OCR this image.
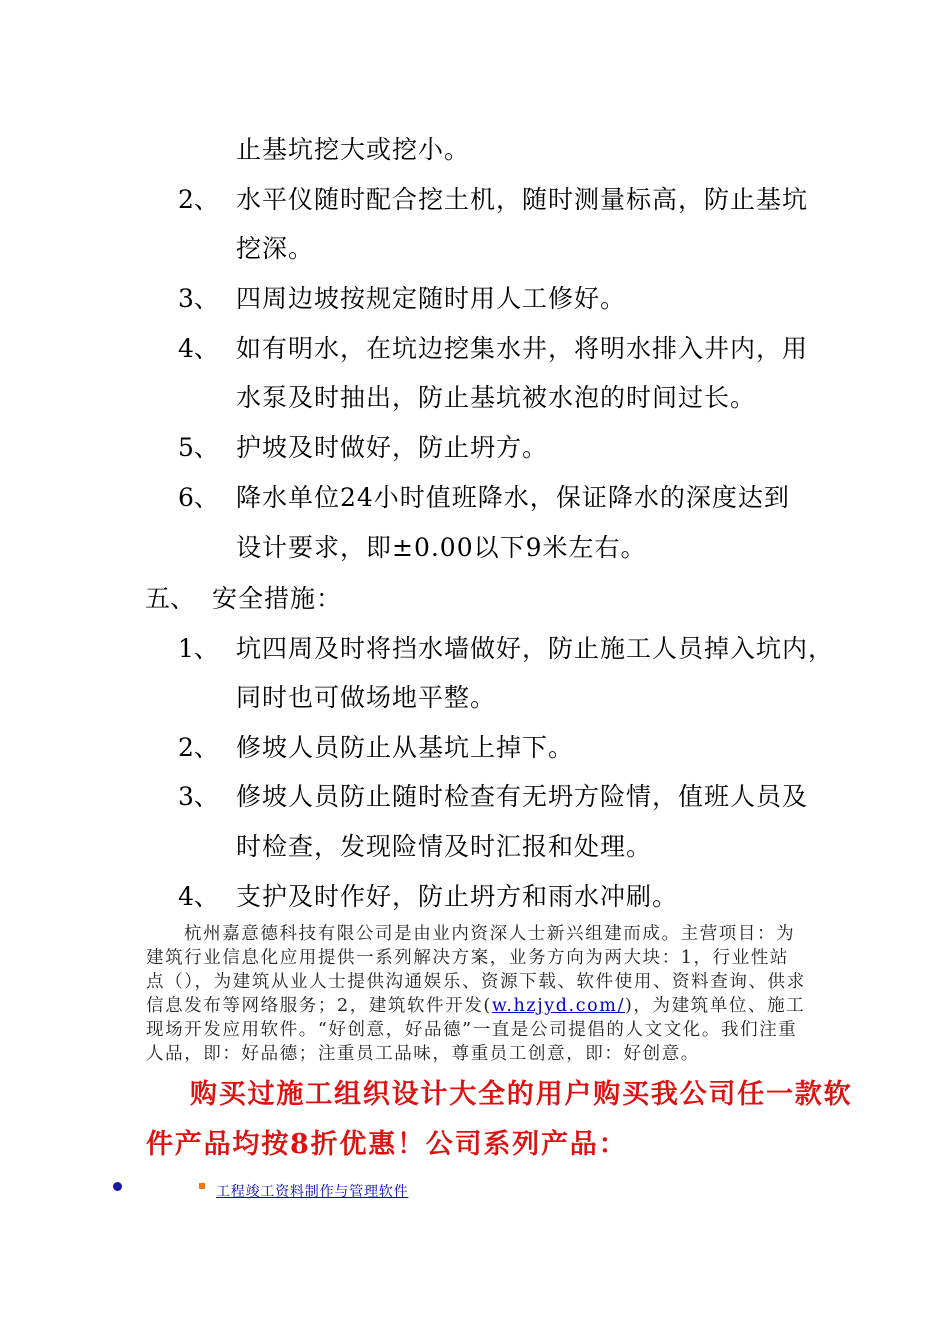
止基坑挖大或挖小。
2、 水平仪随时配合挖土机，随时测量标高，防止基坑
挖深。
3、 四周边坡按规定随时用人工修好。
4、 如有明水，在坑边挖集水井，将明水排入井内，用
水泵及时抽出，防止基坑被水泡的时间过长。
5、 护坡及时做好，防止坍方。
6、 降水单位24小时值班降水，保证降水的深度达到
设计要求，即±0.00以下9米左右。
五、 安全措施：
1、 坑四周及时将挡水墙做好，防止施工人员掉入坑内，
同时也可做场地平整。
2、 修坡人员防止从基坑上掉下。
3、 修坡人员防止随时检查有无坍方险情，值班人员及
时检查，发现险情及时汇报和处理。
4、 支护及时作好，防止坍方和雨水冲刷。
杭州嘉意德科技有限公司是由业内资深人士新兴组建而成。主营项目：为建筑行业信息化应用提供一系列解决方案，业务方向为两大块：1，行业性站点（），为建筑从业人士提供沟通娱乐、资源下载、软件使用、资料查询、供求信息发布等网络服务；2，建筑软件开发(w.hzjyd.com/)，为建筑单位、施工现场开发应用软件。“好创意，好品德”一直是公司提倡的人文文化。我们注重人品，即：好品德；注重员工品味，尊重员工创意，即：好创意。
购买过施工组织设计大全的用户购买我公司任一款软
件产品均按8折优惠！公司系列产品：
工程竣工资料制作与管理软件
